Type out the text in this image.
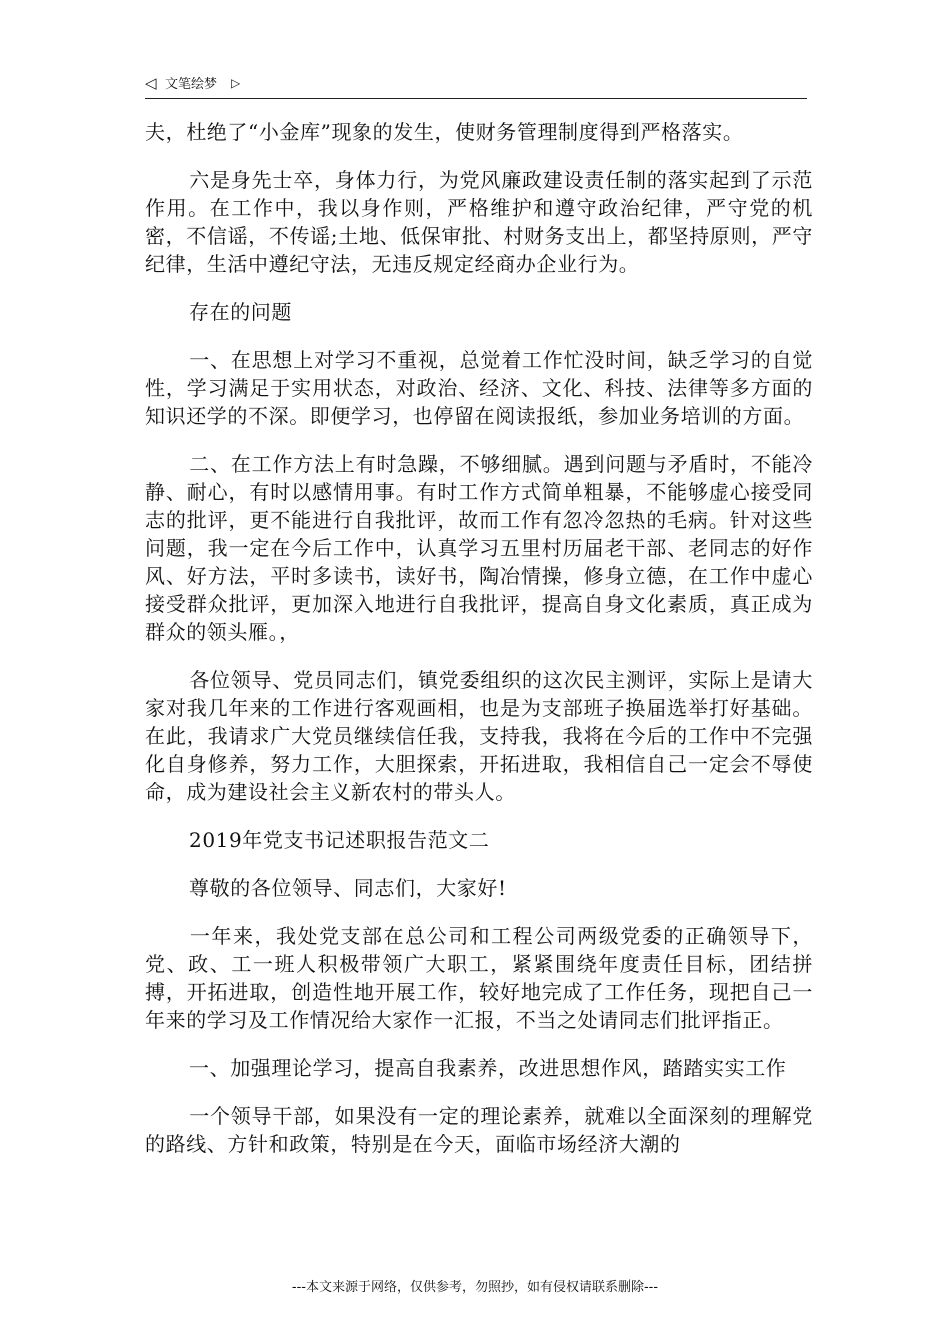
◁ 文笔绘梦 ▷

夫，杜绝了“小金库”现象的发生，使财务管理制度得到严格落实。

六是身先士卒，身体力行，为党风廉政建设责任制的落实起到了示范作用。在工作中，我以身作则，严格维护和遵守政治纪律，严守党的机密，不信谣，不传谣;土地、低保审批、村财务支出上，都坚持原则，严守纪律，生活中遵纪守法，无违反规定经商办企业行为。

存在的问题

一、在思想上对学习不重视，总觉着工作忙没时间，缺乏学习的自觉性，学习满足于实用状态，对政治、经济、文化、科技、法律等多方面的知识还学的不深。即便学习，也停留在阅读报纸，参加业务培训的方面。

二、在工作方法上有时急躁，不够细腻。遇到问题与矛盾时，不能冷静、耐心，有时以感情用事。有时工作方式简单粗暴，不能够虚心接受同志的批评，更不能进行自我批评，故而工作有忽冷忽热的毛病。针对这些问题，我一定在今后工作中，认真学习五里村历届老干部、老同志的好作风、好方法，平时多读书，读好书，陶冶情操，修身立德，在工作中虚心接受群众批评，更加深入地进行自我批评，提高自身文化素质，真正成为群众的领头雁。，

各位领导、党员同志们，镇党委组织的这次民主测评，实际上是请大家对我几年来的工作进行客观画相，也是为支部班子换届选举打好基础。在此，我请求广大党员继续信任我，支持我，我将在今后的工作中不完强化自身修养，努力工作，大胆探索，开拓进取，我相信自己一定会不辱使命，成为建设社会主义新农村的带头人。

2019年党支书记述职报告范文二

尊敬的各位领导、同志们，大家好!

一年来，我处党支部在总公司和工程公司两级党委的正确领导下，党、政、工一班人积极带领广大职工，紧紧围绕年度责任目标，团结拼搏，开拓进取，创造性地开展工作，较好地完成了工作任务，现把自己一年来的学习及工作情况给大家作一汇报，不当之处请同志们批评指正。

一、加强理论学习，提高自我素养，改进思想作风，踏踏实实工作

一个领导干部，如果没有一定的理论素养，就难以全面深刻的理解党的路线、方针和政策，特别是在今天，面临市场经济大潮的

---本文来源于网络，仅供参考，勿照抄，如有侵权请联系删除---
